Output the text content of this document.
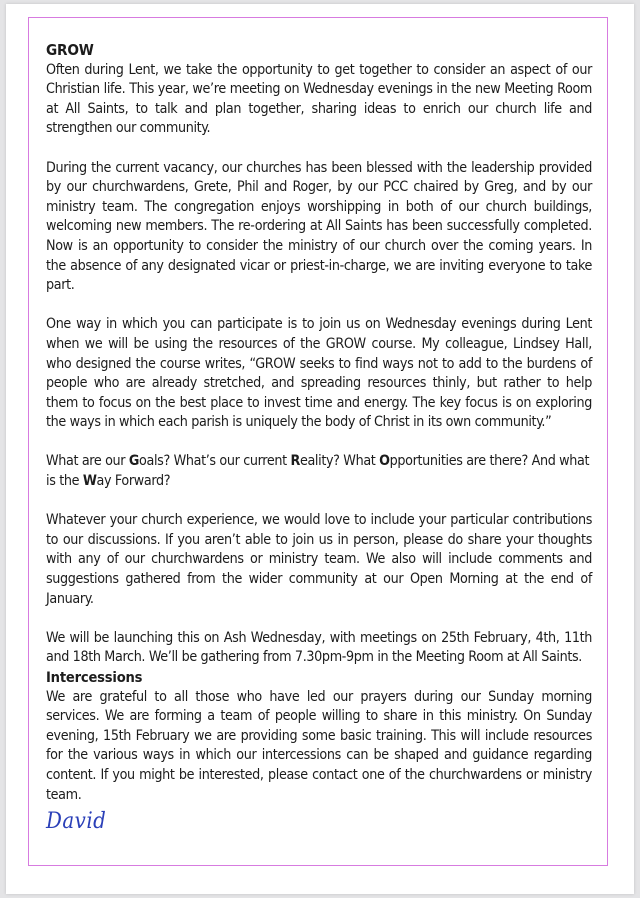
GROW

Often during Lent, we take the opportunity to get together to consider an aspect of our Christian life. This year, we’re meeting on Wednesday evenings in the new Meeting Room at All Saints, to talk and plan together, sharing ideas to enrich our church life and strengthen our community.

During the current vacancy, our churches has been blessed with the leadership provided by our churchwardens, Grete, Phil and Roger, by our PCC chaired by Greg, and by our ministry team. The congregation enjoys worshipping in both of our church buildings, welcoming new members. The re-ordering at All Saints has been successfully completed. Now is an opportunity to consider the ministry of our church over the coming years. In the absence of any designated vicar or priest-in-charge, we are inviting everyone to take part.

One way in which you can participate is to join us on Wednesday evenings during Lent when we will be using the resources of the GROW course. My colleague, Lindsey Hall, who designed the course writes, “GROW seeks to find ways not to add to the burdens of people who are already stretched, and spreading resources thinly, but rather to help them to focus on the best place to invest time and energy. The key focus is on exploring the ways in which each parish is uniquely the body of Christ in its own community.”

What are our Goals? What’s our current Reality? What Opportunities are there? And what is the Way Forward?

Whatever your church experience, we would love to include your particular contributions to our discussions. If you aren’t able to join us in person, please do share your thoughts with any of our churchwardens or ministry team. We also will include comments and suggestions gathered from the wider community at our Open Morning at the end of January.

We will be launching this on Ash Wednesday, with meetings on 25th February, 4th, 11th and 18th March. We’ll be gathering from 7.30pm-9pm in the Meeting Room at All Saints.

Intercessions

We are grateful to all those who have led our prayers during our Sunday morning services. We are forming a team of people willing to share in this ministry. On Sunday evening, 15th February we are providing some basic training. This will include resources for the various ways in which our intercessions can be shaped and guidance regarding content. If you might be interested, please contact one of the churchwardens or ministry team.

David
